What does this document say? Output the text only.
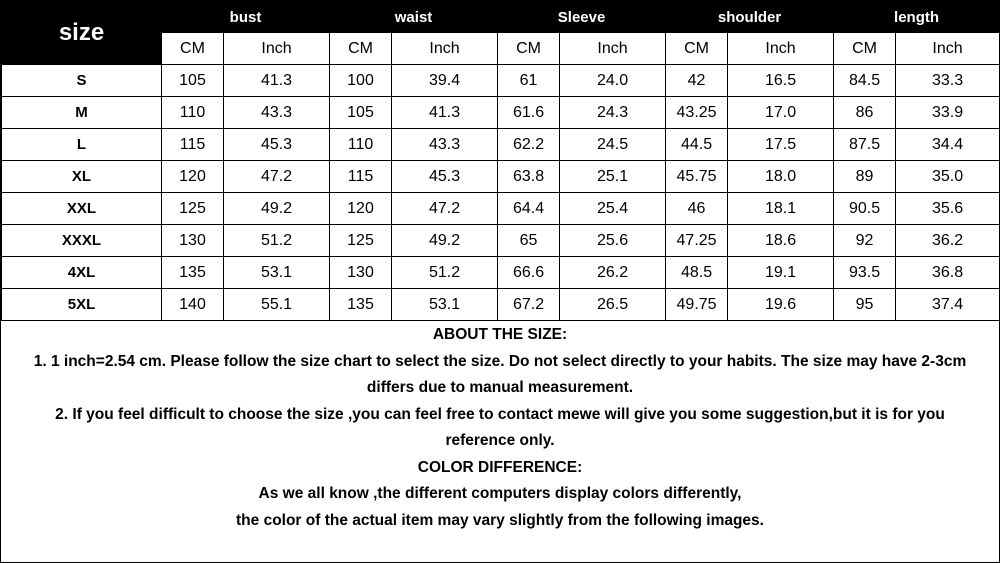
size	bust		waist		Sleeve		shoulder		length	
	CM	Inch	CM	Inch	CM	Inch	CM	Inch	CM	Inch
S	105	41.3	100	39.4	61	24.0	42	16.5	84.5	33.3
M	110	43.3	105	41.3	61.6	24.3	43.25	17.0	86	33.9
L	115	45.3	110	43.3	62.2	24.5	44.5	17.5	87.5	34.4
XL	120	47.2	115	45.3	63.8	25.1	45.75	18.0	89	35.0
XXL	125	49.2	120	47.2	64.4	25.4	46	18.1	90.5	35.6
XXXL	130	51.2	125	49.2	65	25.6	47.25	18.6	92	36.2
4XL	135	53.1	130	51.2	66.6	26.2	48.5	19.1	93.5	36.8
5XL	140	55.1	135	53.1	67.2	26.5	49.75	19.6	95	37.4
ABOUT THE SIZE:
1. 1 inch=2.54 cm. Please follow the size chart to select the size. Do not select directly to your habits. The size may have 2-3cm
differs due to manual measurement.
2. If you feel difficult to choose the size ,you can feel free to contact mewe will give you some suggestion,but it is for you
reference only.
COLOR DIFFERENCE:
As we all know ,the different computers display colors differently,
the color of the actual item may vary slightly from the following images.
